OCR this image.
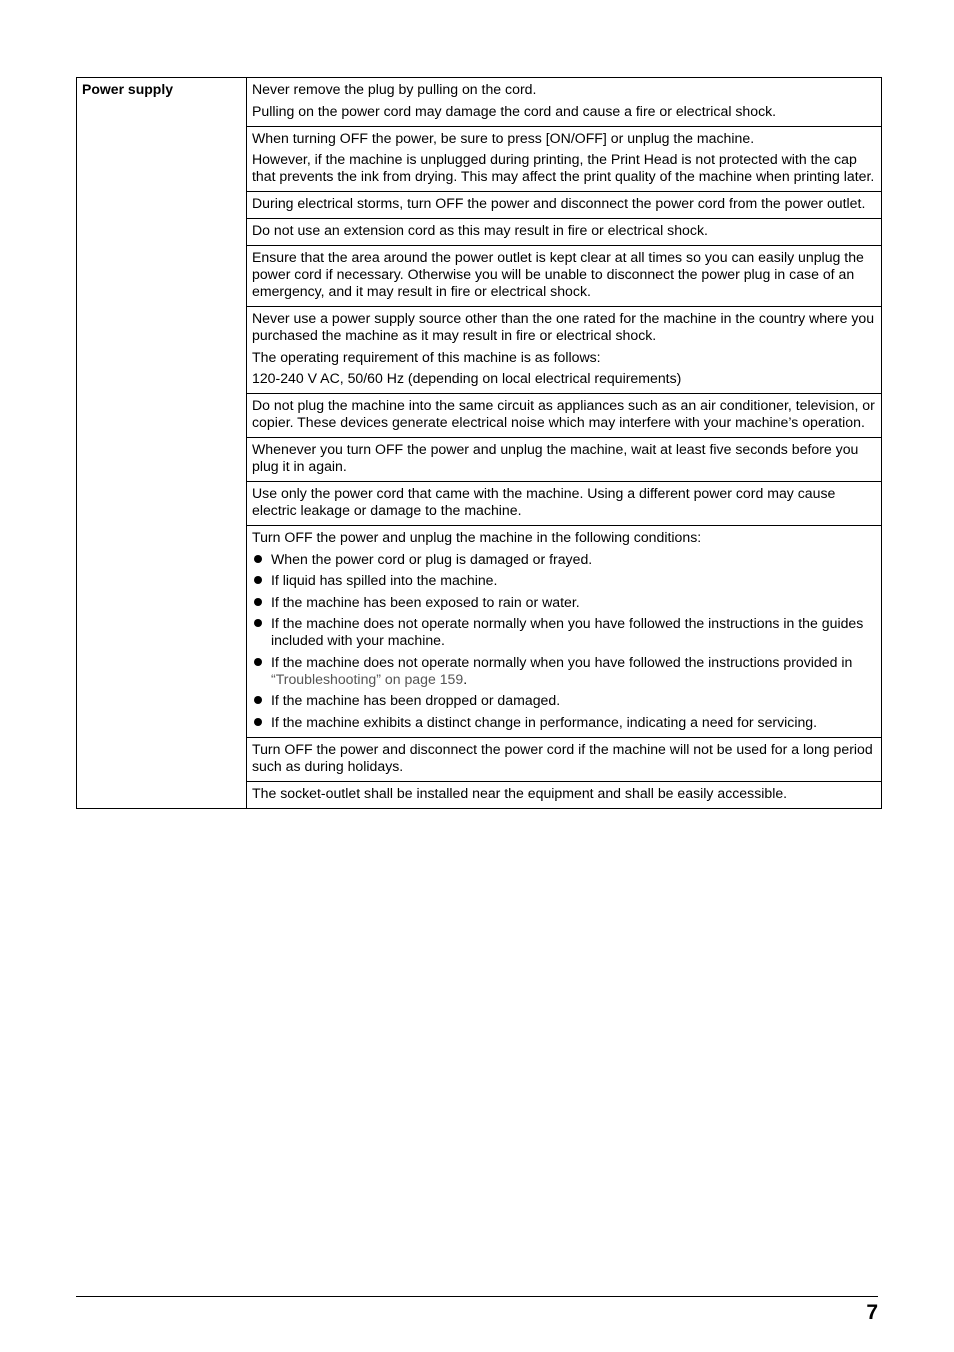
Power supply	Never remove the plug by pulling on the cord.

Pulling on the power cord may damage the cord and cause a fire or electrical shock.

When turning OFF the power, be sure to press [ON/OFF] or unplug the machine.

However, if the machine is unplugged during printing, the Print Head is not protected with the cap that prevents the ink from drying. This may affect the print quality of the machine when printing later.

During electrical storms, turn OFF the power and disconnect the power cord from the power outlet.

Do not use an extension cord as this may result in fire or electrical shock.

Ensure that the area around the power outlet is kept clear at all times so you can easily unplug the power cord if necessary. Otherwise you will be unable to disconnect the power plug in case of an emergency, and it may result in fire or electrical shock.

Never use a power supply source other than the one rated for the machine in the country where you purchased the machine as it may result in fire or electrical shock.

The operating requirement of this machine is as follows:

120-240 V AC, 50/60 Hz (depending on local electrical requirements)

Do not plug the machine into the same circuit as appliances such as an air conditioner, television, or copier. These devices generate electrical noise which may interfere with your machine’s operation.

Whenever you turn OFF the power and unplug the machine, wait at least five seconds before you plug it in again.

Use only the power cord that came with the machine. Using a different power cord may cause electric leakage or damage to the machine.

Turn OFF the power and unplug the machine in the following conditions:

When the power cord or plug is damaged or frayed.
If liquid has spilled into the machine.
If the machine has been exposed to rain or water.
If the machine does not operate normally when you have followed the instructions in the guides included with your machine.
If the machine does not operate normally when you have followed the instructions provided in “Troubleshooting” on page 159.
If the machine has been dropped or damaged.
If the machine exhibits a distinct change in performance, indicating a need for servicing.

Turn OFF the power and disconnect the power cord if the machine will not be used for a long period such as during holidays.

The socket-outlet shall be installed near the equipment and shall be easily accessible.

7
